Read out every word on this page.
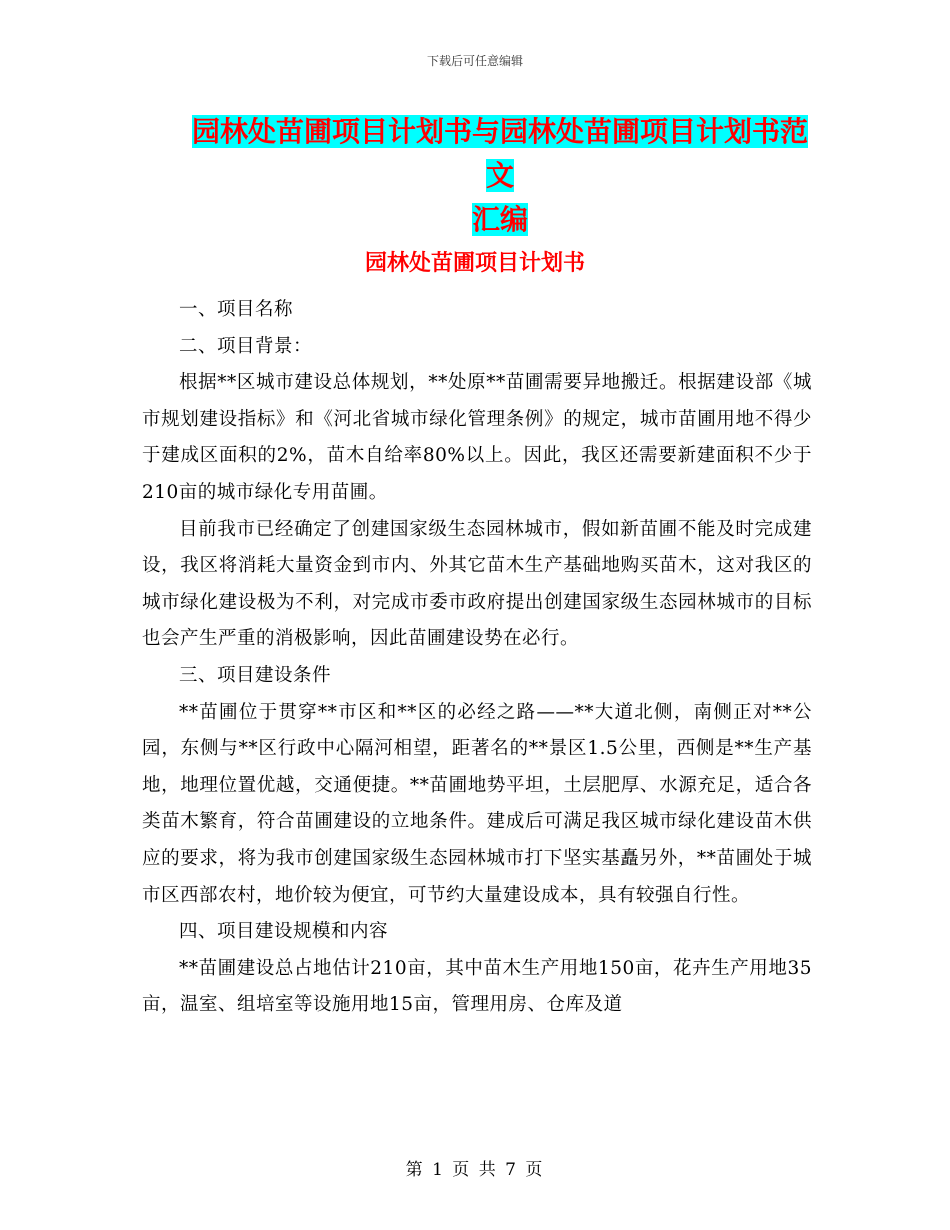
下载后可任意编辑
园林处苗圃项目计划书与园林处苗圃项目计划书范文
汇编
园林处苗圃项目计划书

一、项目名称

二、项目背景：

根据**区城市建设总体规划，**处原**苗圃需要异地搬迁。根据建设部《城市规划建设指标》和《河北省城市绿化管理条例》的规定，城市苗圃用地不得少于建成区面积的2%，苗木自给率80%以上。因此，我区还需要新建面积不少于210亩的城市绿化专用苗圃。

目前我市已经确定了创建国家级生态园林城市，假如新苗圃不能及时完成建设，我区将消耗大量资金到市内、外其它苗木生产基础地购买苗木，这对我区的城市绿化建设极为不利，对完成市委市政府提出创建国家级生态园林城市的目标也会产生严重的消极影响，因此苗圃建设势在必行。

三、项目建设条件

**苗圃位于贯穿**市区和**区的必经之路——**大道北侧，南侧正对**公园，东侧与**区行政中心隔河相望，距著名的**景区1.5公里，西侧是**生产基地，地理位置优越，交通便捷。**苗圃地势平坦，土层肥厚、水源充足，适合各类苗木繁育，符合苗圃建设的立地条件。建成后可满足我区城市绿化建设苗木供应的要求，将为我市创建国家级生态园林城市打下坚实基矗另外，**苗圃处于城市区西部农村，地价较为便宜，可节约大量建设成本，具有较强自行性。

四、项目建设规模和内容

**苗圃建设总占地估计210亩，其中苗木生产用地150亩，花卉生产用地35亩，温室、组培室等设施用地15亩，管理用房、仓库及道

第 1 页 共 7 页
